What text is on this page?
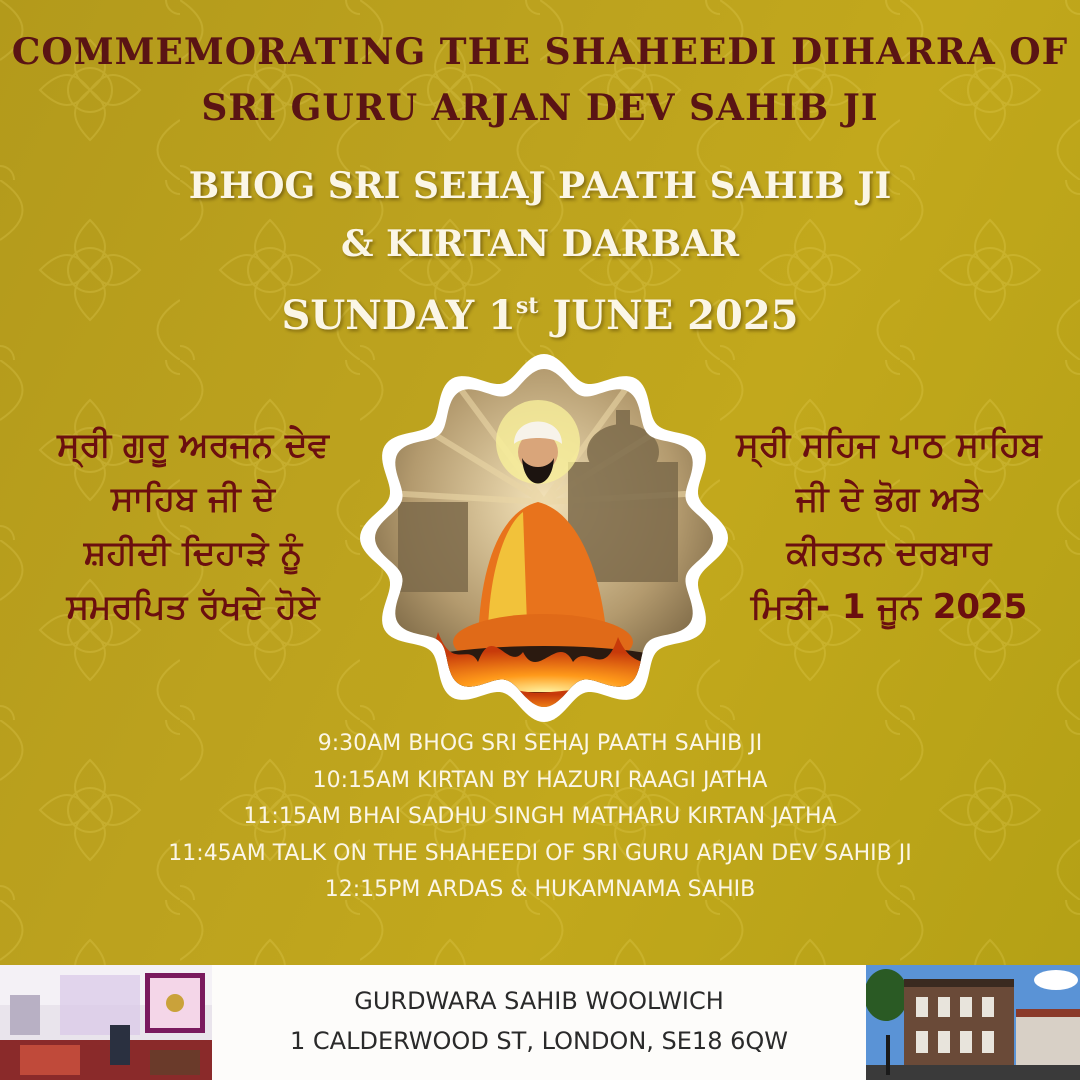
COMMEMORATING THE SHAHEEDI DIHARRA OF
SRI GURU ARJAN DEV SAHIB JI
BHOG SRI SEHAJ PAATH SAHIB JI
& KIRTAN DARBAR
SUNDAY 1st JUNE 2025
ਸ੍ਰੀ ਗੁਰੂ ਅਰਜਨ ਦੇਵ
ਸਾਹਿਬ ਜੀ ਦੇ
ਸ਼ਹੀਦੀ ਦਿਹਾੜੇ ਨੂੰ
ਸਮਰਪਿਤ ਰੱਖਦੇ ਹੋਏ
ਸ੍ਰੀ ਸਹਿਜ ਪਾਠ ਸਾਹਿਬ
ਜੀ ਦੇ ਭੋਗ ਅਤੇ
ਕੀਰਤਨ ਦਰਬਾਰ
ਮਿਤੀ- 1 ਜੂਨ 2025
9:30AM BHOG SRI SEHAJ PAATH SAHIB JI
10:15AM KIRTAN BY HAZURI RAAGI JATHA
11:15AM BHAI SADHU SINGH MATHARU KIRTAN JATHA
11:45AM TALK ON THE SHAHEEDI OF SRI GURU ARJAN DEV SAHIB JI
12:15PM ARDAS & HUKAMNAMA SAHIB
GURDWARA SAHIB WOOLWICH
1 CALDERWOOD ST, LONDON, SE18 6QW
